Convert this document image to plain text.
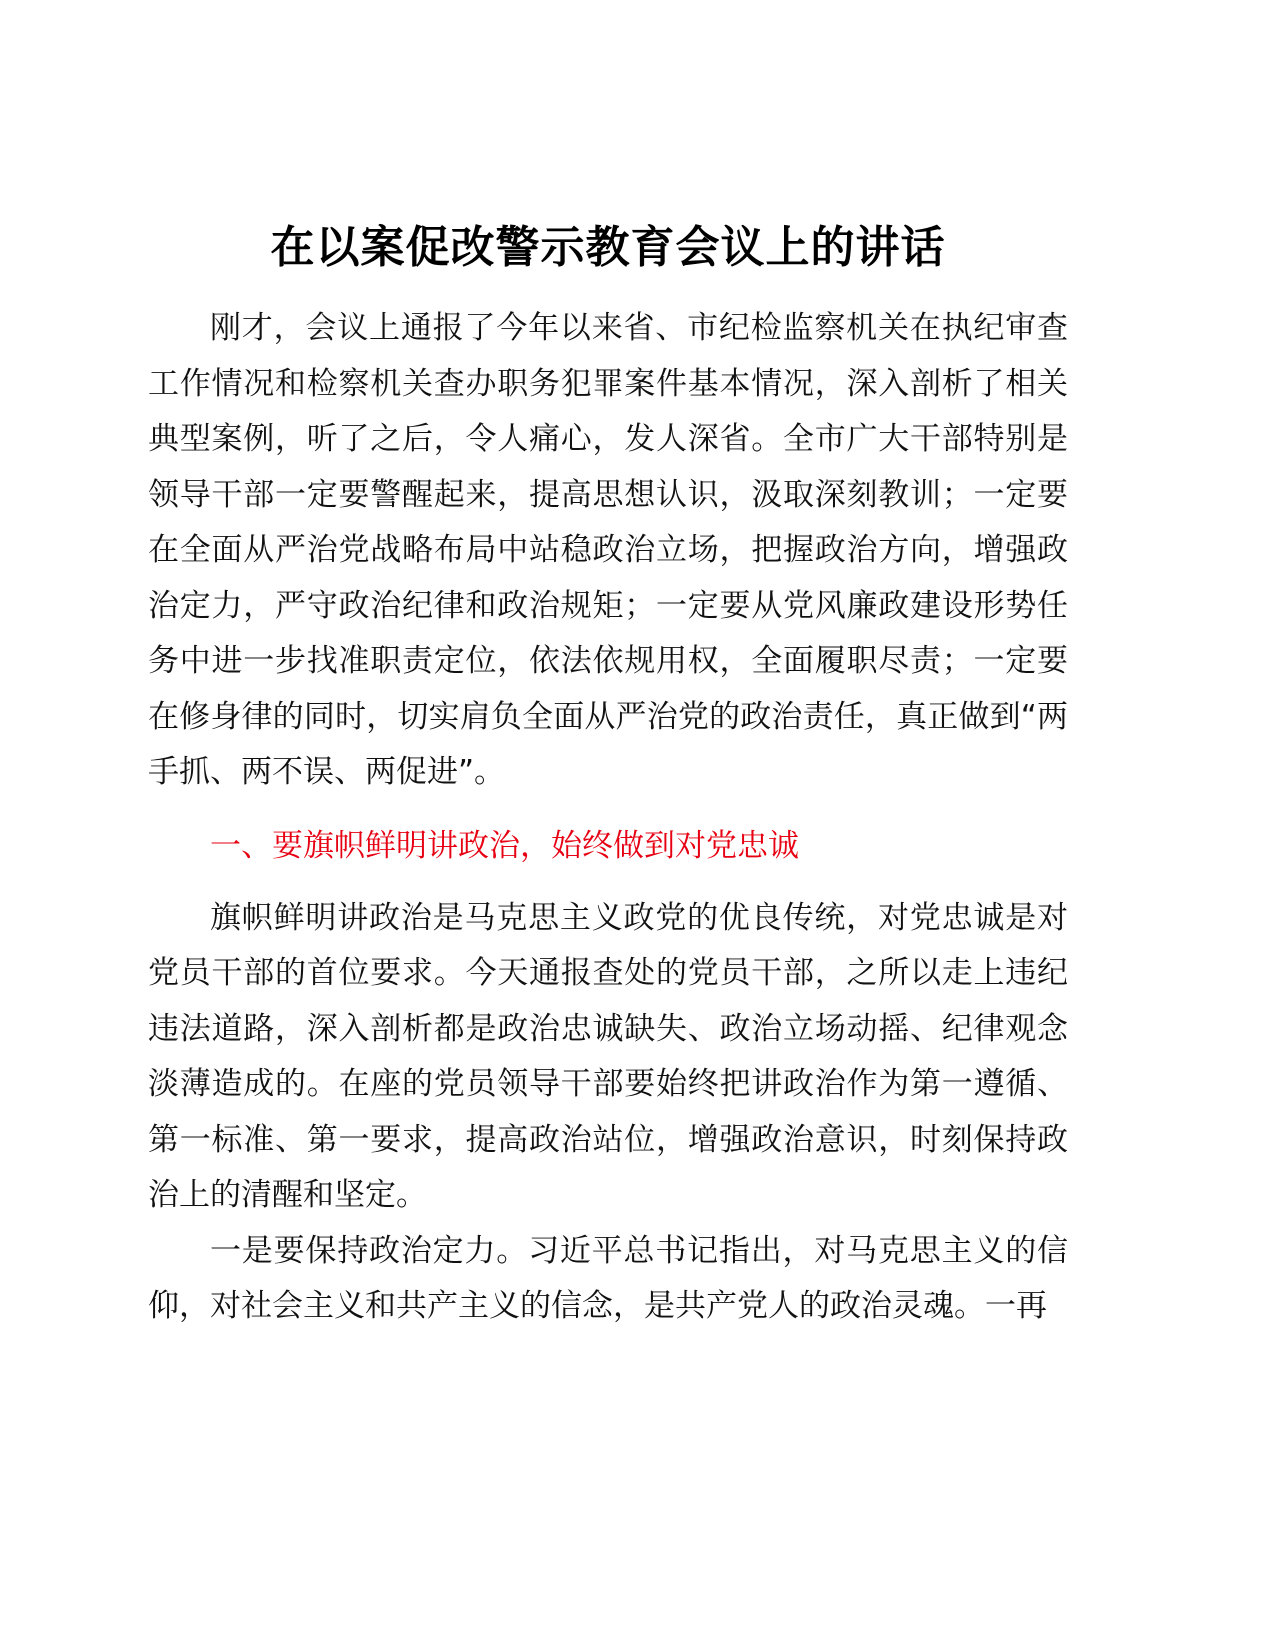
在以案促改警示教育会议上的讲话

刚才，会议上通报了今年以来省、市纪检监察机关在执纪审查工作情况和检察机关查办职务犯罪案件基本情况，深入剖析了相关典型案例，听了之后，令人痛心，发人深省。全市广大干部特别是领导干部一定要警醒起来，提高思想认识，汲取深刻教训；一定要在全面从严治党战略布局中站稳政治立场，把握政治方向，增强政治定力，严守政治纪律和政治规矩；一定要从党风廉政建设形势任务中进一步找准职责定位，依法依规用权，全面履职尽责；一定要在修身律的同时，切实肩负全面从严治党的政治责任，真正做到“两手抓、两不误、两促进”。

一、要旗帜鲜明讲政治，始终做到对党忠诚

旗帜鲜明讲政治是马克思主义政党的优良传统，对党忠诚是对党员干部的首位要求。今天通报查处的党员干部，之所以走上违纪违法道路，深入剖析都是政治忠诚缺失、政治立场动摇、纪律观念淡薄造成的。在座的党员领导干部要始终把讲政治作为第一遵循、第一标准、第一要求，提高政治站位，增强政治意识，时刻保持政治上的清醒和坚定。

一是要保持政治定力。习近平总书记指出，对马克思主义的信仰，对社会主义和共产主义的信念，是共产党人的政治灵魂。一再
